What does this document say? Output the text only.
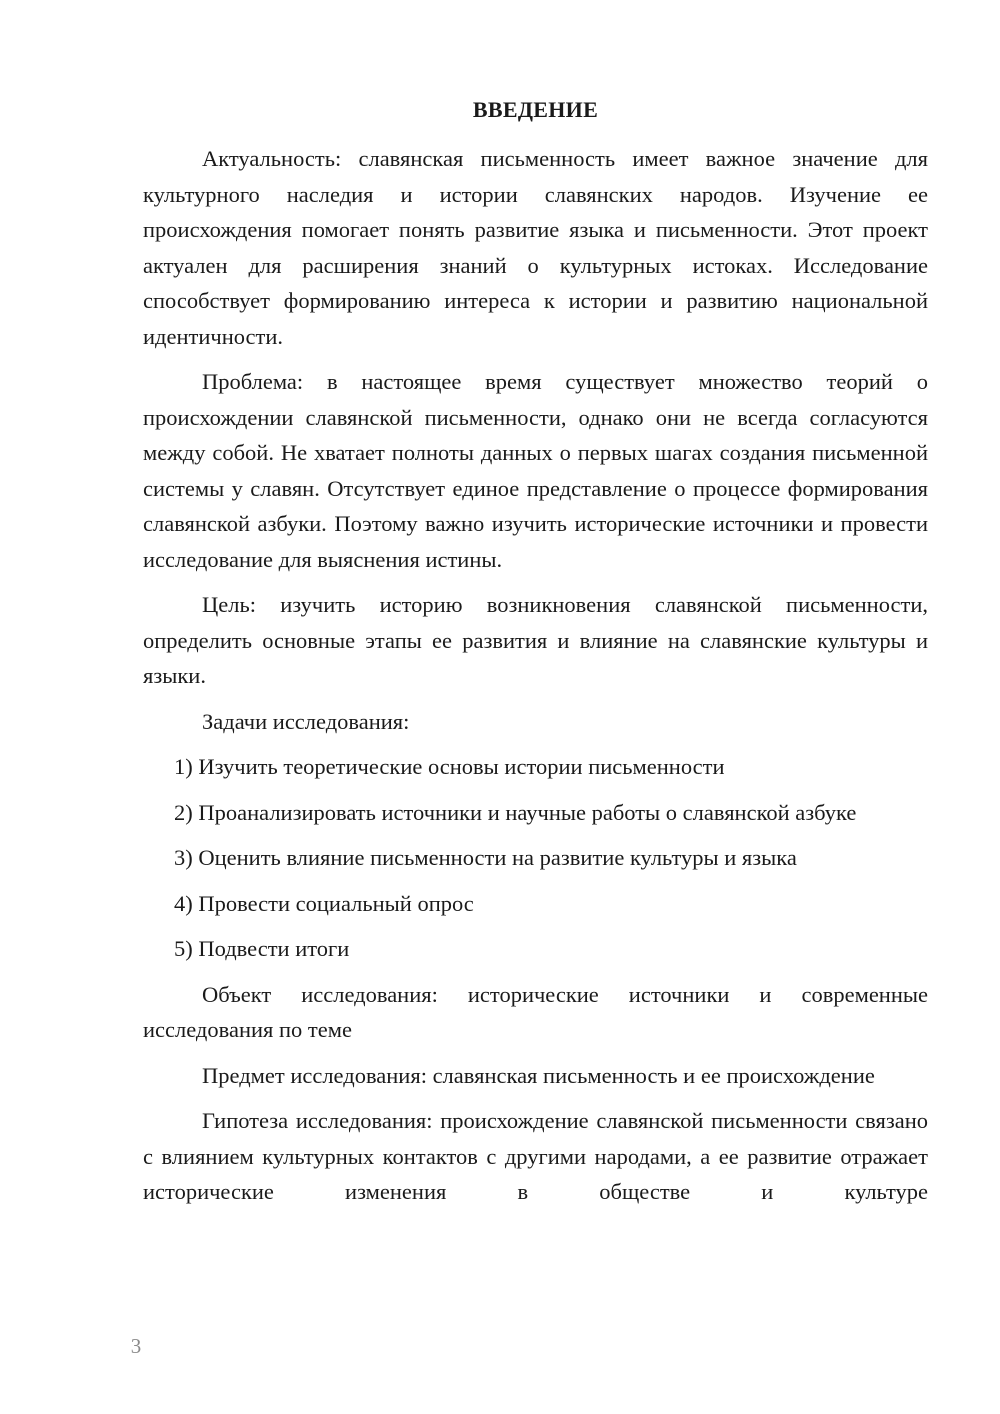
ВВЕДЕНИЕ

Актуальность: славянская письменность имеет важное значение для культурного наследия и истории славянских народов. Изучение ее происхождения помогает понять развитие языка и письменности. Этот проект актуален для расширения знаний о культурных истоках. Исследование способствует формированию интереса к истории и развитию национальной идентичности.

Проблема: в настоящее время существует множество теорий о происхождении славянской письменности, однако они не всегда согласуются между собой. Не хватает полноты данных о первых шагах создания письменной системы у славян. Отсутствует единое представление о процессе формирования славянской азбуки. Поэтому важно изучить исторические источники и провести исследование для выяснения истины.

Цель: изучить историю возникновения славянской письменности, определить основные этапы ее развития и влияние на славянские культуры и языки.

Задачи исследования:

1) Изучить теоретические основы истории письменности

2) Проанализировать источники и научные работы о славянской азбуке

3) Оценить влияние письменности на развитие культуры и языка

4) Провести социальный опрос

5) Подвести итоги

Объект исследования: исторические источники и современные исследования по теме

Предмет исследования: славянская письменность и ее происхождение

Гипотеза исследования: происхождение славянской письменности связано с влиянием культурных контактов с другими народами, а ее развитие отражает исторические изменения в обществе и культуре

3
